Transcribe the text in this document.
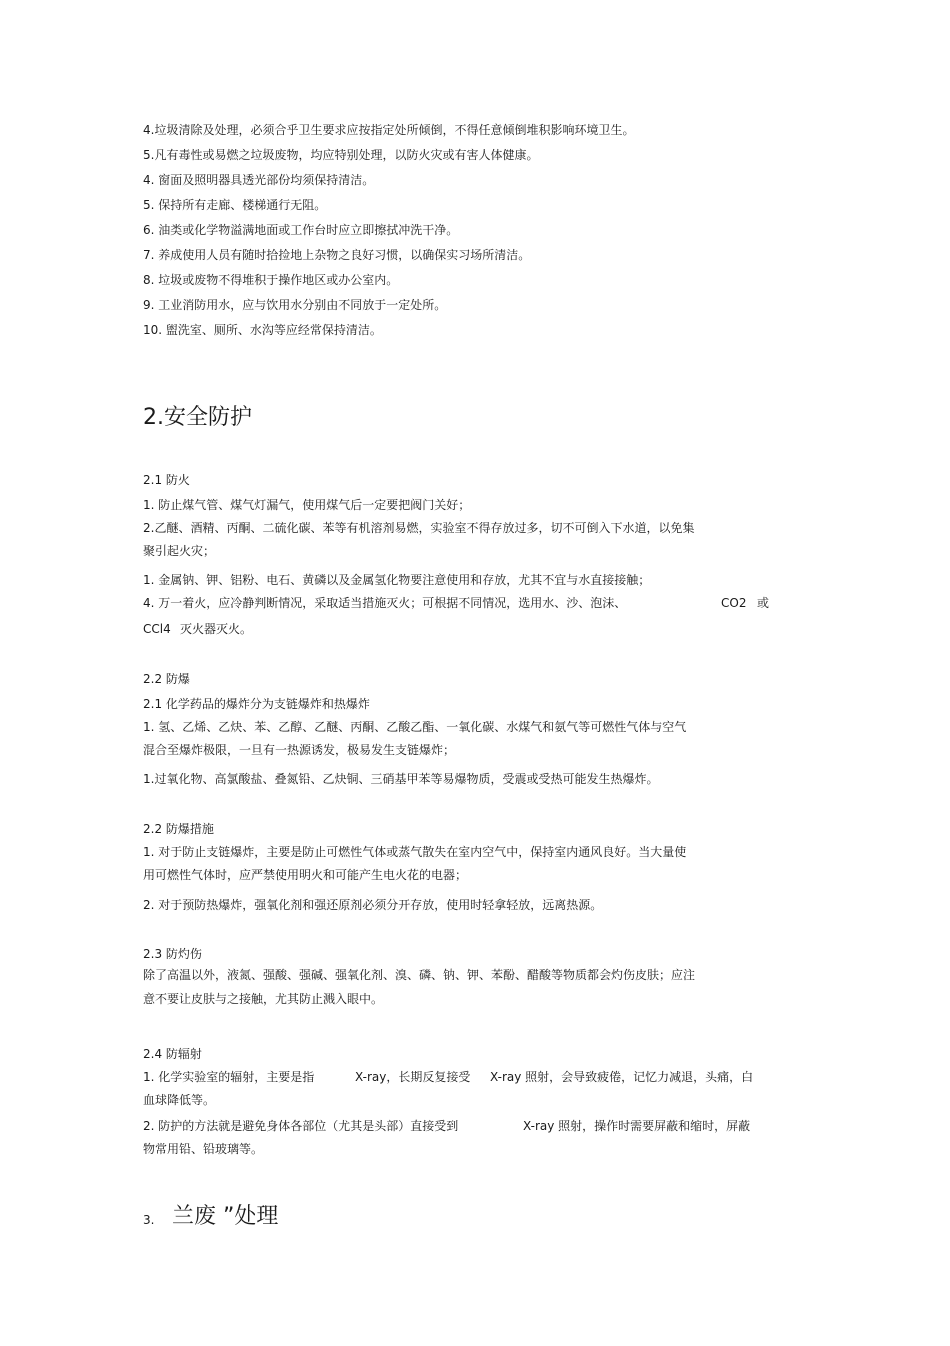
4.垃圾清除及处理，必须合乎卫生要求应按指定处所倾倒，不得任意倾倒堆积影响环境卫生。
5.凡有毒性或易燃之垃圾废物，均应特别处理，以防火灾或有害人体健康。
4. 窗面及照明器具透光部份均须保持清洁。
5. 保持所有走廊、楼梯通行无阻。
6. 油类或化学物溢满地面或工作台时应立即擦拭冲洗干净。
7. 养成使用人员有随时拾捡地上杂物之良好习惯，以确保实习场所清洁。
8. 垃圾或废物不得堆积于操作地区或办公室内。
9. 工业消防用水，应与饮用水分别由不同放于一定处所。
10. 盥洗室、厕所、水沟等应经常保持清洁。
2.安全防护
2.1 防火
1. 防止煤气管、煤气灯漏气，使用煤气后一定要把阀门关好；
2.乙醚、酒精、丙酮、二硫化碳、苯等有机溶剂易燃，实验室不得存放过多，切不可倒入下水道，以免集
聚引起火灾；
1. 金属钠、钾、铝粉、电石、黄磷以及金属氢化物要注意使用和存放，尤其不宜与水直接接触；
4. 万一着火，应冷静判断情况，采取适当措施灭火；可根据不同情况，选用水、沙、泡沫、	CO2 或
CCl4 灭火器灭火。
2.2 防爆
2.1 化学药品的爆炸分为支链爆炸和热爆炸
1. 氢、乙烯、乙炔、苯、乙醇、乙醚、丙酮、乙酸乙酯、一氧化碳、水煤气和氨气等可燃性气体与空气
混合至爆炸极限，一旦有一热源诱发，极易发生支链爆炸；
1.过氧化物、高氯酸盐、叠氮铅、乙炔铜、三硝基甲苯等易爆物质，受震或受热可能发生热爆炸。
2.2 防爆措施
1. 对于防止支链爆炸，主要是防止可燃性气体或蒸气散失在室内空气中，保持室内通风良好。当大量使
用可燃性气体时，应严禁使用明火和可能产生电火花的电器；
2. 对于预防热爆炸，强氧化剂和强还原剂必须分开存放，使用时轻拿轻放，远离热源。
2.3 防灼伤
除了高温以外，液氮、强酸、强碱、强氧化剂、溴、磷、钠、钾、苯酚、醋酸等物质都会灼伤皮肤；应注
意不要让皮肤与之接触，尤其防止溅入眼中。
2.4 防辐射
1. 化学实验室的辐射，主要是指	X-ray，长期反复接受 X-ray 照射，会导致疲倦，记忆力减退，头痛，白
血球降低等。
2. 防护的方法就是避免身体各部位（尤其是头部）直接受到	X-ray 照射，操作时需要屏蔽和缩时，屏蔽
物常用铅、铅玻璃等。
3. 兰废 ”处理
